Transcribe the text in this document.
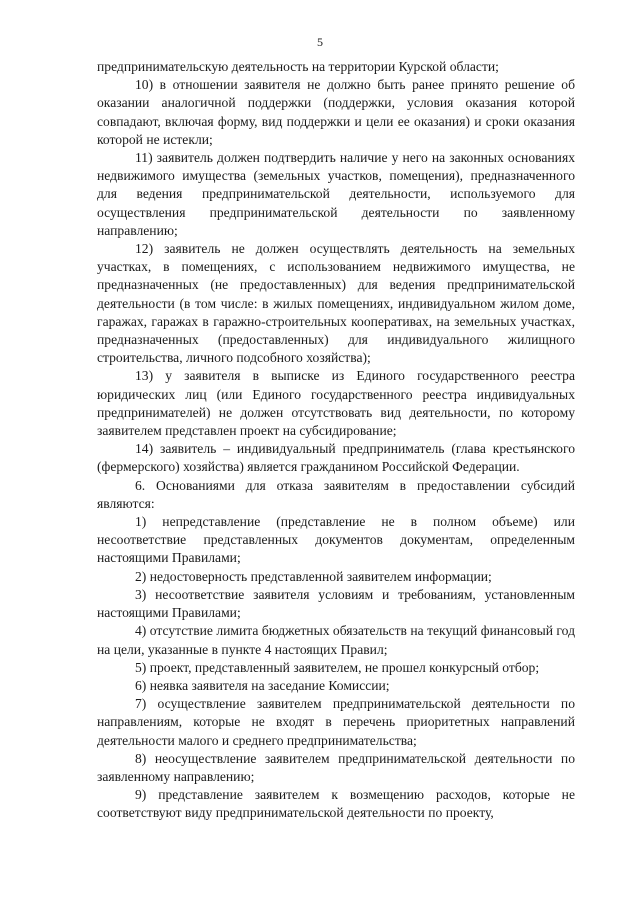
5

предпринимательскую деятельность на территории Курской области;

10) в отношении заявителя не должно быть ранее принято решение об оказании аналогичной поддержки (поддержки, условия оказания которой совпадают, включая форму, вид поддержки и цели ее оказания) и сроки оказания которой не истекли;

11) заявитель должен подтвердить наличие у него на законных основаниях недвижимого имущества (земельных участков, помещения), предназначенного для ведения предпринимательской деятельности, используемого для осуществления предпринимательской деятельности по заявленному направлению;

12) заявитель не должен осуществлять деятельность на земельных участках, в помещениях, с использованием недвижимого имущества, не предназначенных (не предоставленных) для ведения предпринимательской деятельности (в том числе: в жилых помещениях, индивидуальном жилом доме, гаражах, гаражах в гаражно-строительных кооперативах, на земельных участках, предназначенных (предоставленных) для индивидуального жилищного строительства, личного подсобного хозяйства);

13) у заявителя в выписке из Единого государственного реестра юридических лиц (или Единого государственного реестра индивидуальных предпринимателей) не должен отсутствовать вид деятельности, по которому заявителем представлен проект на субсидирование;

14) заявитель – индивидуальный предприниматель (глава крестьянского (фермерского) хозяйства) является гражданином Российской Федерации.

6. Основаниями для отказа заявителям в предоставлении субсидий являются:

1) непредставление (представление не в полном объеме) или несоответствие представленных документов документам, определенным настоящими Правилами;

2) недостоверность представленной заявителем информации;

3) несоответствие заявителя условиям и требованиям, установленным настоящими Правилами;

4) отсутствие лимита бюджетных обязательств на текущий финансовый год на цели, указанные в пункте 4 настоящих Правил;

5) проект, представленный заявителем, не прошел конкурсный отбор;

6) неявка заявителя на заседание Комиссии;

7) осуществление заявителем предпринимательской деятельности по направлениям, которые не входят в перечень приоритетных направлений деятельности малого и среднего предпринимательства;

8) неосуществление заявителем предпринимательской деятельности по заявленному направлению;

9) представление заявителем к возмещению расходов, которые не соответствуют виду предпринимательской деятельности по проекту,
